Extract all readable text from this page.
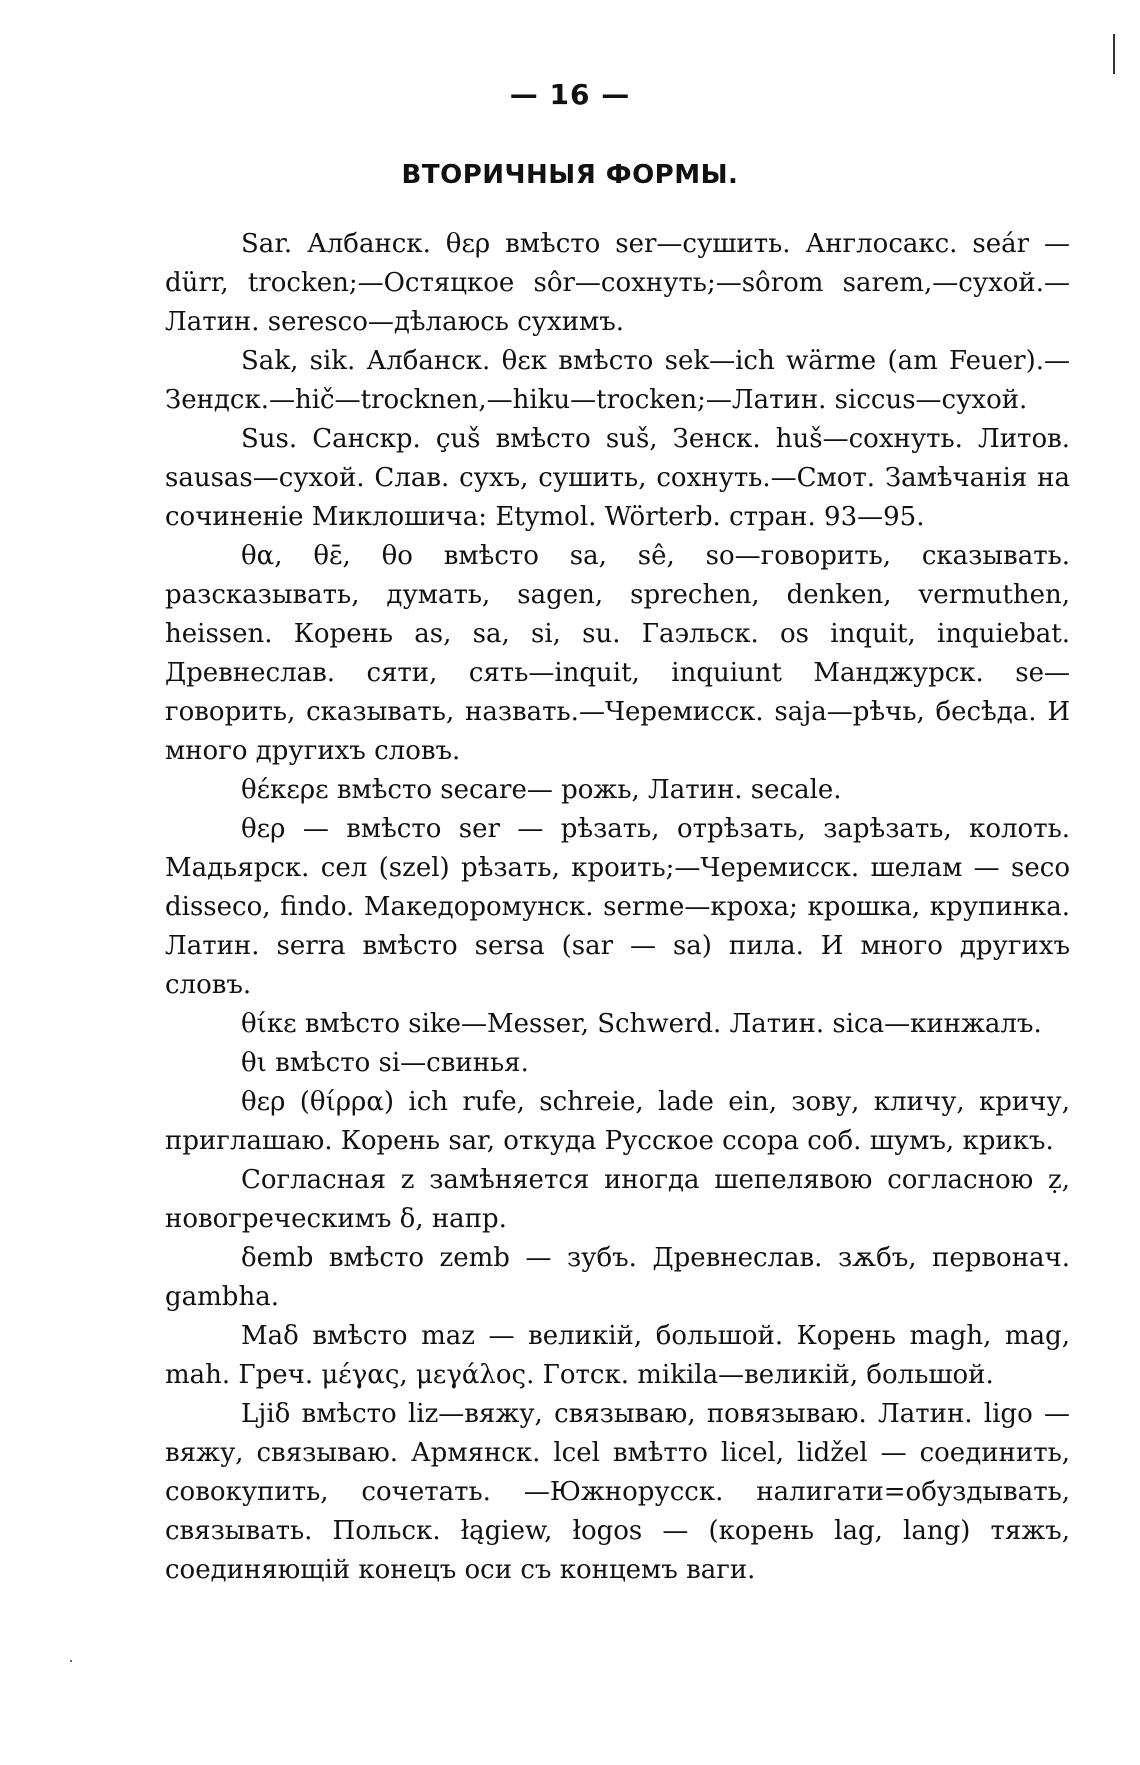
— 16 —
ВТОРИЧНЫЯ ФОРМЫ.

Sar. Албанск. θερ вмѣсто ser—сушить. Англосакс. seár — dürr, trocken;—Остяцкое sôr—сохнуть;—sôrom sarem,—сухой.— Латин. serescо—дѣлаюсь сухимъ.

Sak, sik. Албанск. θεκ вмѣсто sek—ich wärme (am Feuer).— Зендск.—hič—trocknen,—hiku—trocken;—Латин. siccus—сухой.

Sus. Санскр. çuš вмѣсто suš, Зенск. huš—сохнуть. Литов. sausas—сухой. Слав. сухъ, сушить, сохнуть.—Смот. Замѣчанія на сочиненіе Миклошича: Etymol. Wörterb. стран. 93—95.

θα, θε̄, θο вмѣсто sa, sê, so—говорить, сказывать. разсказывать, думать, sagen, sprechen, denken, vermuthen, heissen. Корень as, sa, si, su. Гаэльск. os inquit, inquiebat. Древнеслав. сяти, сять—inquit, inquiunt Манджурск. se—говорить, сказывать, назвать.—Черемисск. saja—рѣчь, бесѣда. И много другихъ словъ.

θέκερε вмѣсто secare— рожь, Латин. secale.

θερ — вмѣсто ser — рѣзать, отрѣзать, зарѣзать, колоть. Мадьярск. сел (szel) рѣзать, кроить;—Черемисск. шелам — seco disseco, findo. Македоромунск. serme—кроха; крошка, крупинка. Латин. serra вмѣсто sersa (sar — sa) пила. И много другихъ словъ.

θίκε вмѣсто sike—Messer, Schwerd. Латин. sica—кинжалъ.

θι вмѣсто si—свинья.

θερ (θίρρα) ich rufe, schreie, lade ein, зову, кличу, кричу, приглашаю. Корень sar, откуда Русское ссора соб. шумъ, крикъ.

Согласная z замѣняется иногда шепелявою согласною ẓ, новогреческимъ δ, напр.

δemb вмѣсто zemb — зубъ. Древнеслав. зѫбъ, первонач. gambha.

Maδ вмѣсто maz — великій, большой. Корень magh, mag, mah. Греч. μέγας, μεγάλος. Готск. mikila—великій, большой.

Ljiδ вмѣсто liz—вяжу, связываю, повязываю. Латин. ligo — вяжу, связываю. Армянск. lcel вмѣтто licel, lidžel — соединить, совокупить, сочетать. —Южнорусск. налигати=обуздывать, связывать. Польск. łągiew, łogos — (корень lag, lang) тяжъ, соединяющій конецъ оси съ концемъ ваги.
